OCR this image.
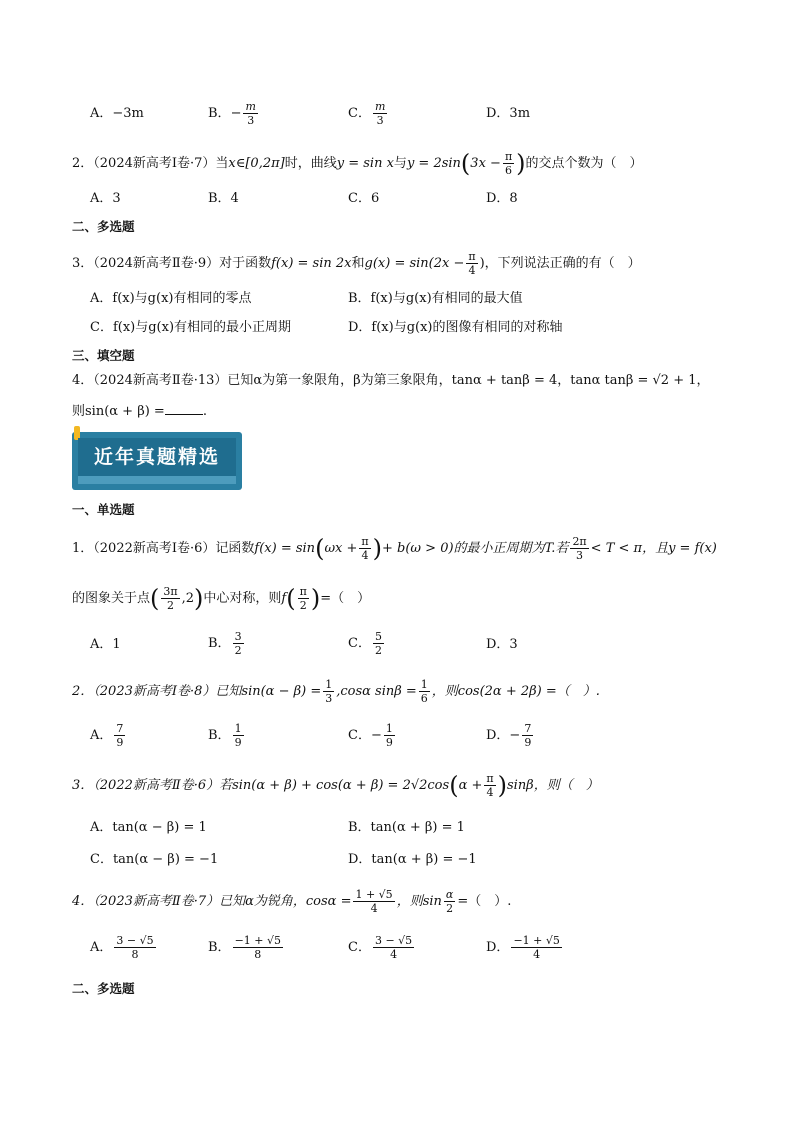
A．−3m	B．− $\frac{m}{3}$	C． $\frac{m}{3}$	D．3m
2．（2024新高考Ⅰ卷·7）当x∈[0,2π]时，曲线y = sin x与$y = 2\sin(3x - \frac{\pi}{6}$ )的交点个数为（　）
A．3	B．4	C．6	D．8
二、多选题
3．（2024新高考Ⅱ卷·9）对于函数f(x) = sin 2x和$g(x) = \sin(2x - \frac{\pi}{4}$ )，下列说法正确的有（　）
A．f(x)与g(x)有相同的零点	B．f(x)与g(x)有相同的最大值
C．f(x)与g(x)有相同的最小正周期	D．f(x)与g(x)的图像有相同的对称轴
三、填空题
4．（2024新高考Ⅱ卷·13）已知α为第一象限角，β为第三象限角，tanα + tanβ = 4，tanα tanβ = √2 + 1，
则sin(α + β) =	.
近年真题精选
一、单选题
1．（2022新高考Ⅰ卷·6）记函数$f(x) = \sin(\omega x + \frac{\pi}{4}$ )+ b(ω > 0)的最小正周期为T.若 $\frac{2\pi}{3} < T < \pi$，且y = f(x)
的图象关于点( $\frac{3\pi}{2} ,2$)中心对称，则$f( \frac{\pi}{2}$ )=（　）
A．1	B． $\frac{3}{2}$	C． $\frac{5}{2}$	D．3
2．（2023新高考Ⅰ卷·8）已知$\sin(\alpha - \beta) = \frac{1}{3} ,\cos\alpha$ $\sin\beta = \frac{1}{6}$ ，则cos(2α + 2β) =（　）.
A． $\frac{7}{9}$	B． $\frac{1}{9}$	C．− $\frac{1}{9}$	D．− $\frac{7}{9}$
3．（2022新高考Ⅱ卷·6）若$\sin(\alpha + \beta) + \cos(\alpha + \beta) = 2√2\cos(\alpha + \frac{\pi}{4} )\sin\beta$，则（　）
A．tan(α − β) = 1	B．tan(α + β) = 1
C．tan(α − β) = −1	D．tan(α + β) = −1
4．（2023新高考Ⅱ卷·7）已知α为锐角，$\cos\alpha = \frac{1 + √5}{4}$ ，则$\sin \frac{\alpha}{2}$ =（　）.
A． $\frac{3 - √5}{8}$	B． $\frac{-1 + √5}{8}$	C． $\frac{3 - √5}{4}$	D． $\frac{-1 + √5}{4}$
二、多选题
